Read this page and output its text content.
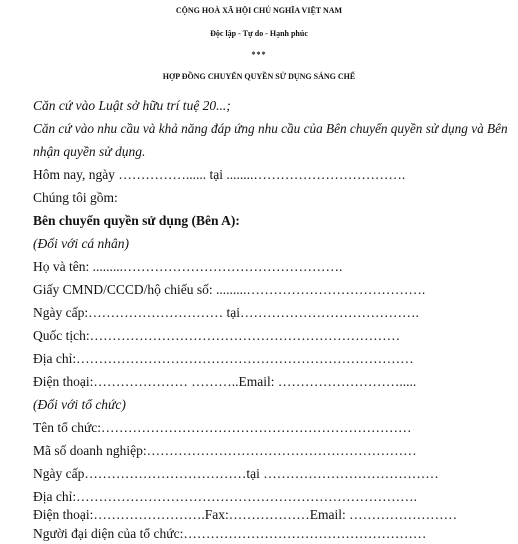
CỘNG HOÀ XÃ HỘI CHỦ NGHĨA VIỆT NAM
Độc lập - Tự do - Hạnh phúc
***
HỢP ĐỒNG CHUYỂN QUYỀN SỬ DỤNG SÁNG CHẾ
Căn cứ vào Luật sở hữu trí tuệ 20...;
Căn cứ vào nhu cầu và khả năng đáp ứng nhu cầu của Bên chuyển quyền sử dụng và Bên
nhận quyền sử dụng.
Hôm nay, ngày ……………...... tại ........…………………………….
Chúng tôi gồm:
Bên chuyển quyền sử dụng (Bên A):
(Đối với cá nhân)
Họ và tên: .........………………………………………….
Giấy CMND/CCCD/hộ chiếu số: .........………………………………….
Ngày cấp:………………………… tại………………………………….
Quốc tịch:……………………………………………………………
Địa chỉ:…………………………………………………………………
Điện thoại:………………… ………..Email: ……………………….....
(Đối với tổ chức)
Tên tổ chức:……………………………………………………………
Mã số doanh nghiệp:……………………………………………………
Ngày cấp………………………………tại …………………………………
Địa chỉ:………………………………………………………………….
Điện thoại:…………………….Fax:………………Email: ……………………
Người đại diện của tổ chức:………………………………………………
